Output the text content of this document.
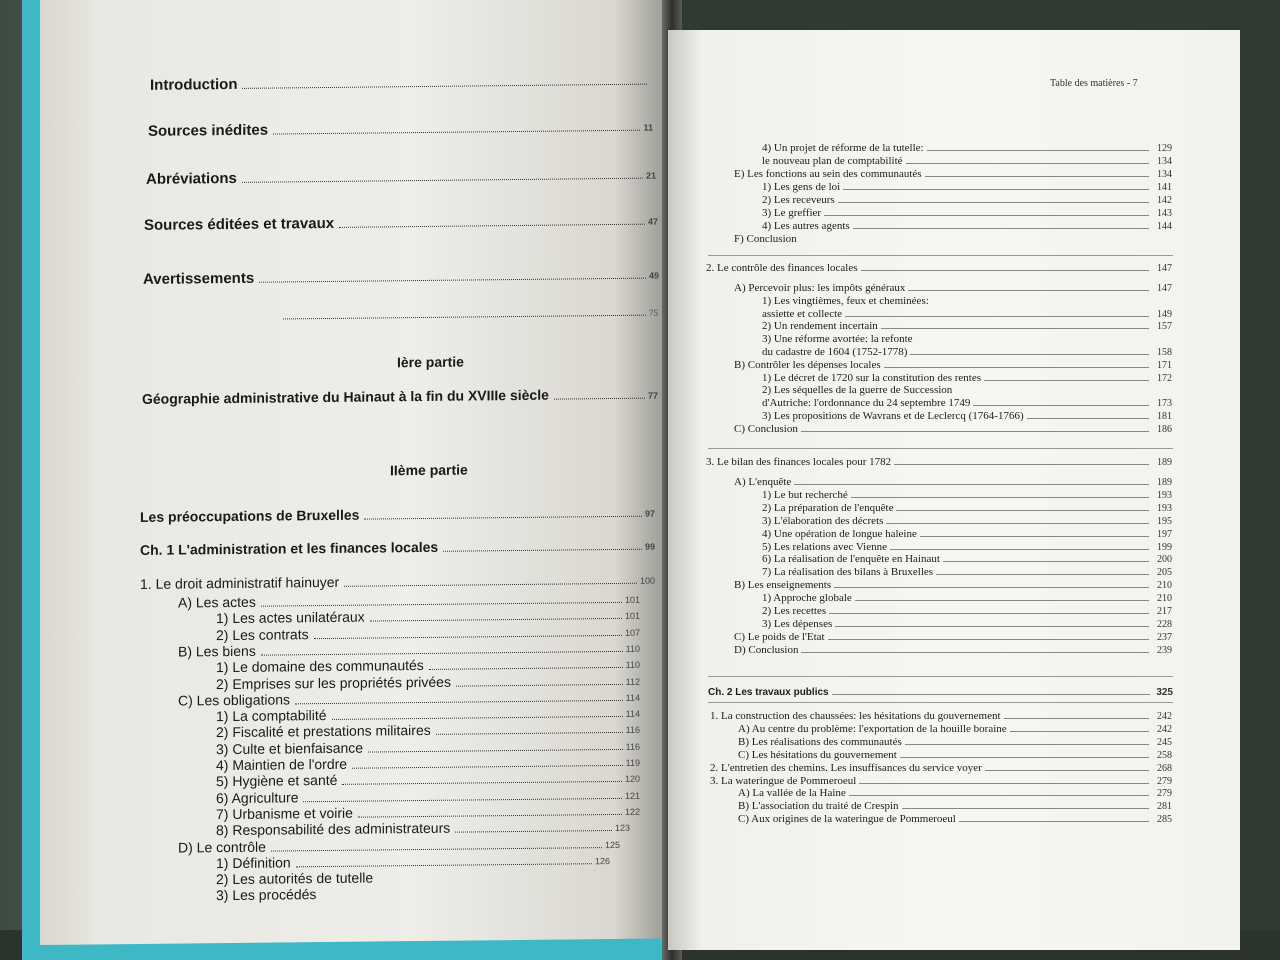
Introduction
Sources inédites	11
Abréviations	21
Sources éditées et travaux	47
Avertissements	49
75
Ière partie
Géographie administrative du Hainaut à la fin du XVIIIe siècle	77
IIème partie
Les préoccupations de Bruxelles	97
Ch. 1 L'administration et les finances locales	99
1. Le droit administratif hainuyer	100
A) Les actes	101
1) Les actes unilatéraux	101
2) Les contrats	107
B) Les biens	110
1) Le domaine des communautés	110
2) Emprises sur les propriétés privées	112
C) Les obligations	114
1) La comptabilité	114
2) Fiscalité et prestations militaires	116
3) Culte et bienfaisance	116
4) Maintien de l'ordre	119
5) Hygiène et santé	120
6) Agriculture	121
7) Urbanisme et voirie	122
8) Responsabilité des administrateurs	123
D) Le contrôle	125
1) Définition	126
2) Les autorités de tutelle
3) Les procédés
Table des matières - 7
4) Un projet de réforme de la tutelle:	129
le nouveau plan de comptabilité	134
E) Les fonctions au sein des communautés	134
1) Les gens de loi	141
2) Les receveurs	142
3) Le greffier	143
4) Les autres agents	144
F) Conclusion
2. Le contrôle des finances locales	147
A) Percevoir plus: les impôts généraux	147
1) Les vingtièmes, feux et cheminées:
assiette et collecte	149
2) Un rendement incertain	157
3) Une réforme avortée: la refonte
du cadastre de 1604 (1752-1778)	158
B) Contrôler les dépenses locales	171
1) Le décret de 1720 sur la constitution des rentes	172
2) Les séquelles de la guerre de Succession
d'Autriche: l'ordonnance du 24 septembre 1749	173
3) Les propositions de Wavrans et de Leclercq (1764-1766)	181
C) Conclusion	186
3. Le bilan des finances locales pour 1782	189
A) L'enquête	189
1) Le but recherché	193
2) La préparation de l'enquête	193
3) L'élaboration des décrets	195
4) Une opération de longue haleine	197
5) Les relations avec Vienne	199
6) La réalisation de l'enquête en Hainaut	200
7) La réalisation des bilans à Bruxelles	205
B) Les enseignements	210
1) Approche globale	210
2) Les recettes	217
3) Les dépenses	228
C) Le poids de l'Etat	237
D) Conclusion	239
Ch. 2 Les travaux publics	325
1. La construction des chaussées: les hésitations du gouvernement	242
A) Au centre du problème: l'exportation de la houille boraine	242
B) Les réalisations des communautés	245
C) Les hésitations du gouvernement	258
2. L'entretien des chemins. Les insuffisances du service voyer	268
3. La wateringue de Pommeroeul	279
A) La vallée de la Haine	279
B) L'association du traité de Crespin	281
C) Aux origines de la wateringue de Pommeroeul	285
